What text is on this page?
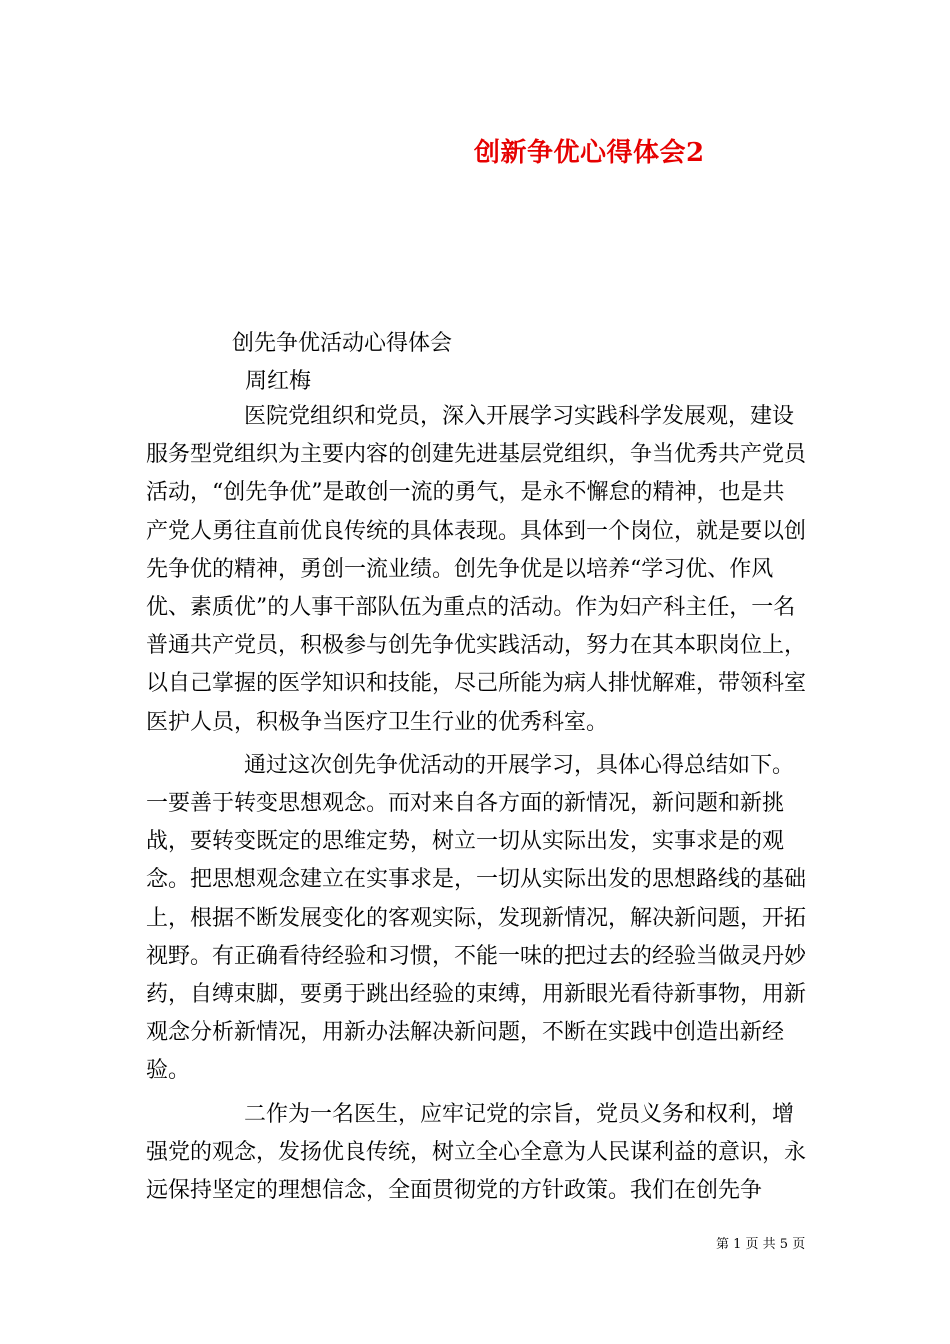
创新争优心得体会2
创先争优活动心得体会
周红梅

医院党组织和党员，深入开展学习实践科学发展观，建设服务型党组织为主要内容的创建先进基层党组织，争当优秀共产党员活动，“创先争优”是敢创一流的勇气，是永不懈怠的精神，也是共产党人勇往直前优良传统的具体表现。具体到一个岗位，就是要以创先争优的精神，勇创一流业绩。创先争优是以培养“学习优、作风优、素质优”的人事干部队伍为重点的活动。作为妇产科主任，一名普通共产党员，积极参与创先争优实践活动，努力在其本职岗位上，以自己掌握的医学知识和技能，尽己所能为病人排忧解难，带领科室医护人员，积极争当医疗卫生行业的优秀科室。

通过这次创先争优活动的开展学习，具体心得总结如下。一要善于转变思想观念。而对来自各方面的新情况，新问题和新挑战，要转变既定的思维定势，树立一切从实际出发，实事求是的观念。把思想观念建立在实事求是，一切从实际出发的思想路线的基础上，根据不断发展变化的客观实际，发现新情况，解决新问题，开拓视野。有正确看待经验和习惯，不能一味的把过去的经验当做灵丹妙药，自缚束脚，要勇于跳出经验的束缚，用新眼光看待新事物，用新观念分析新情况，用新办法解决新问题，不断在实践中创造出新经验。

二作为一名医生，应牢记党的宗旨，党员义务和权利，增强党的观念，发扬优良传统，树立全心全意为人民谋利益的意识，永远保持坚定的理想信念，全面贯彻党的方针政策。我们在创先争

第 1 页 共 5 页
